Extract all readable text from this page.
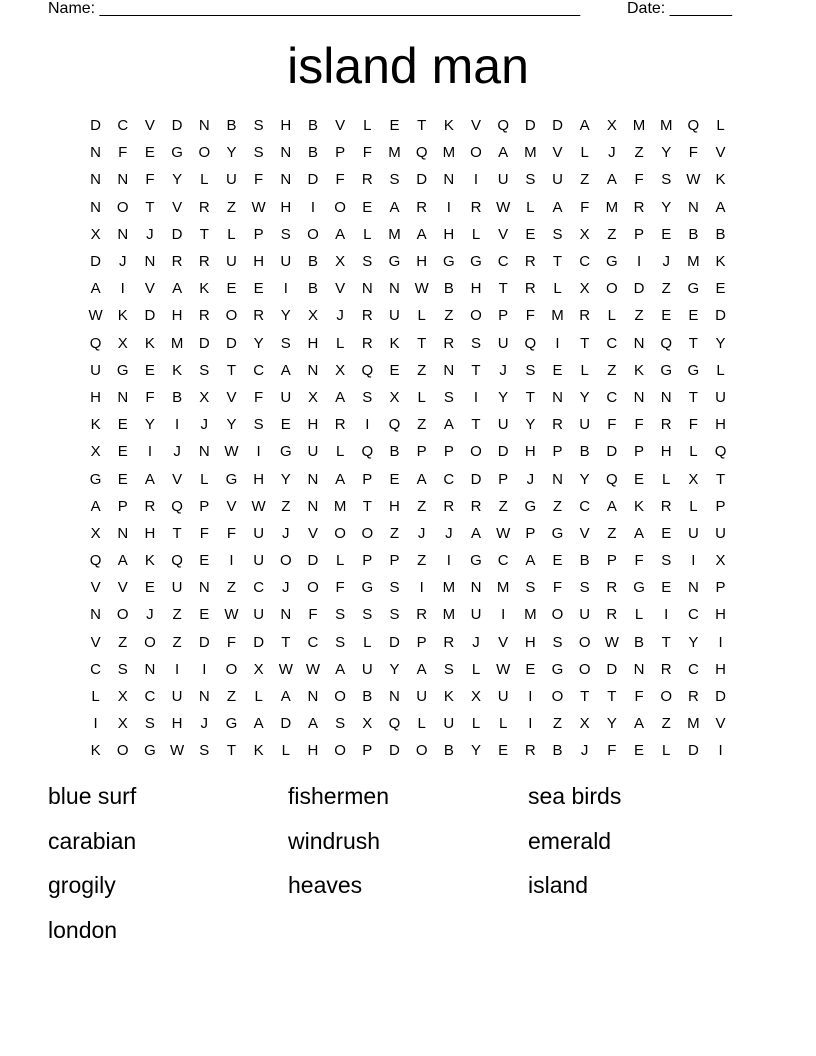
Name: ______________________________________________________	Date: _______
island man
D	C	V	D	N	B	S	H	B	V	L	E	T	K	V	Q	D	D	A	X	M M	Q	L
N	F	E	G	O	Y	S	N	B	P	F	M	Q	M	O	A	M	V	L	J	Z	Y	F	V
N	N	F	Y	L	U	F	N	D	F	R	S	D	N	I	U	S	U	Z	A	F	S	W	K
N	O	T	V	R	Z	W H	I	O	E	A	R	I	R W	L	A	F	M	R	Y	N	A
X	N	J	D	T	L	P	S	O	A	L	M	A	H	L	V	E	S	X	Z	P	E	B	B
D	J	N	R	R	U	H	U	B	X	S	G	H	G	G	C	R	T	C	G	I	J	M	K
A	I	V	A	K	E	E	I	B	V	N	N W	B	H	T	R	L	X	O	D	Z	G	E
W	K	D	H	R	O	R	Y	X	J	R	U	L	Z	O	P	F	M	R	L	Z	E	E	D
Q	X	K	M	D	D	Y	S	H	L	R	K	T	R	S	U	Q	I	T	C	N	Q	T	Y
U	G	E	K	S	T	C	A	N	X	Q	E	Z	N	T	J	S	E	L	Z	K	G	G	L
H	N	F	B	X	V	F	U	X	A	S	X	L	S	I	Y	T	N	Y	C	N	N	T	U
K	E	Y	I	J	Y	S	E	H	R	I	Q	Z	A	T	U	Y	R	U	F	F	R	F	H
X	E	I	J	N W	I	G	U	L	Q	B	P	P	O	D	H	P	B	D	P	H	L	Q
G	E	A	V	L	G	H	Y	N	A	P	E	A	C	D	P	J	N	Y	Q	E	L	X	T
A	P	R	Q	P	V	W	Z	N	M	T	H	Z	R	R	Z	G	Z	C	A	K	R	L	P
X	N	H	T	F	F	U	J	V	O	O	Z	J	J	A	W	P	G	V	Z	A	E	U	U
Q	A	K	Q	E	I	U	O	D	L	P	P	Z	I	G	C	A	E	B	P	F	S	I	X
V	V	E	U	N	Z	C	J	O	F	G	S	I	M	N	M	S	F	S	R	G	E	N	P
N	O	J	Z	E	W U	N	F	S	S	S	R	M	U	I	M	O	U	R	L	I	C	H
V	Z	O	Z	D	F	D	T	C	S	L	D	P	R	J	V	H	S	O W	B	T	Y	I
C	S	N	I	I	O	X	W W	A	U	Y	A	S	L	W	E	G	O	D	N	R	C	H
L	X	C	U	N	Z	L	A	N	O	B	N	U	K	X	U	I	O	T	T	F	O	R	D
I	X	S	H	J	G	A	D	A	S	X	Q	L	U	L	L	I	Z	X	Y	A	Z	M	V
K	O	G W	S	T	K	L	H	O	P	D	O	B	Y	E	R	B	J	F	E	L	D	I
blue surf	fishermen	sea birds
carabian	windrush	emerald
grogily	heaves	island
london
